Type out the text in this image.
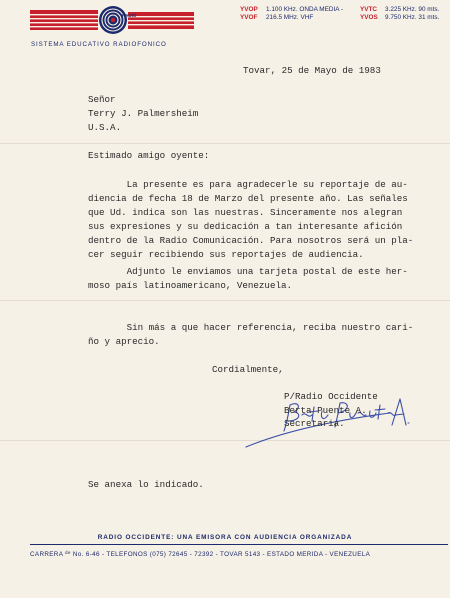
RADIO
SISTEMA EDUCATIVO RADIOFONICO
YVOP 1.100 KHz. ONDA MEDIA -
YVOF 216.5 MHz. VHF
YVTC 3.225 KHz. 90 mts.
YVOS 9.750 KHz. 31 mts.
Tovar, 25 de Mayo de 1983
Señor
Terry J. Palmersheim
U.S.A.
Estimado amigo oyente:
La presente es para agradecerle su reportaje de au-
diencia de fecha 18 de Marzo del presente año. Las señales
que Ud. indica son las nuestras. Sinceramente nos alegran
sus expresiones y su dedicación a tan interesante afición
dentro de la Radio Comunicación. Para nosotros será un pla-
cer seguir recibiendo sus reportajes de audiencia.
Adjunto le enviamos una tarjeta postal de este her-
moso país latinoamericano, Venezuela.
Sin más a que hacer referencia, reciba nuestro cari-
ño y aprecio.
Cordialmente,
P/Radio Occidente
Berta Puente A.
Secretaria.
Se anexa lo indicado.
RADIO OCCIDENTE: UNA EMISORA CON AUDIENCIA ORGANIZADA
CARRERA $^{de}$ No. 6-46 - TELEFONOS (075) 72645 - 72392 - TOVAR 5143 - ESTADO MERIDA - VENEZUELA
